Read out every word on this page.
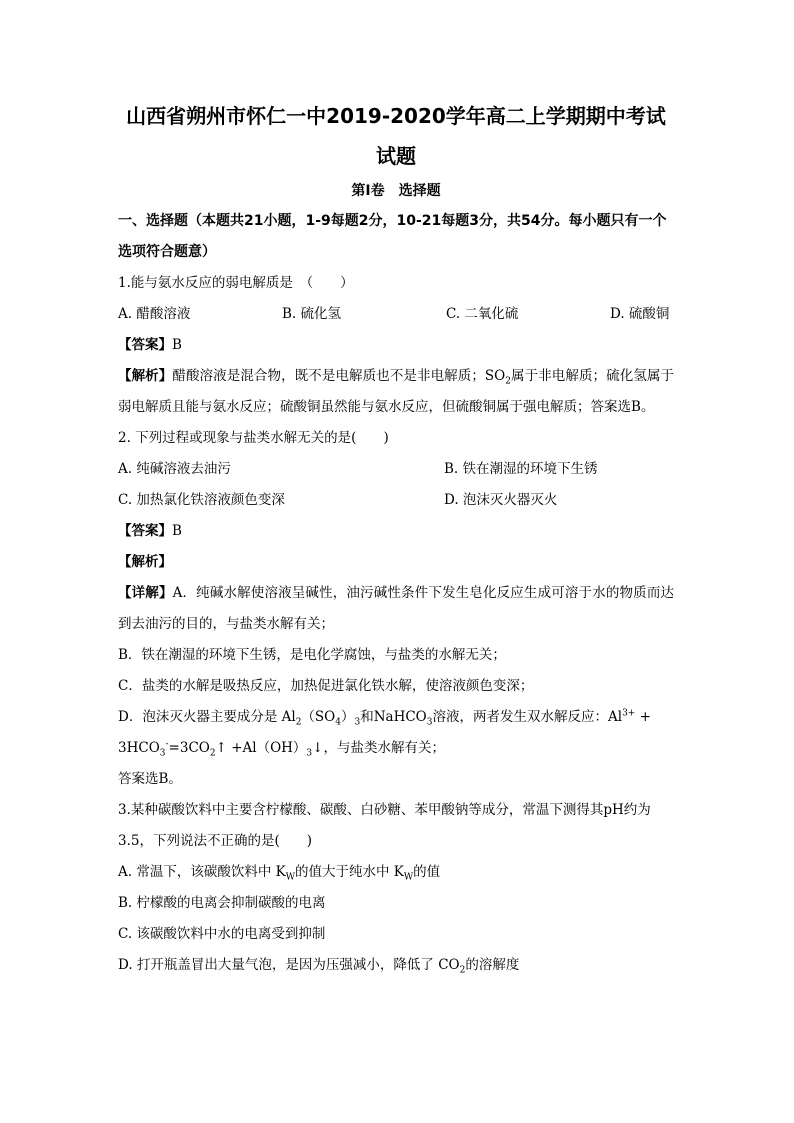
山西省朔州市怀仁一中2019-2020学年高二上学期期中考试

试题

第Ⅰ卷　选择题

一、选择题（本题共21小题，1-9每题2分，10-21每题3分，共54分。每小题只有一个

选项符合题意）

1.能与氨水反应的弱电解质是　（　　）

A. 醋酸溶液	B. 硫化氢	C. 二氧化硫	D. 硫酸铜

【答案】B

【解析】醋酸溶液是混合物，既不是电解质也不是非电解质；$SO_2$属于非电解质；硫化氢属于弱电解质且能与氨水反应；硫酸铜虽然能与氨水反应，但硫酸铜属于强电解质；答案选B。

2. 下列过程或现象与盐类水解无关的是(　　)

A. 纯碱溶液去油污	B. 铁在潮湿的环境下生锈
C. 加热氯化铁溶液颜色变深	D. 泡沫灭火器灭火

【答案】B

【解析】

【详解】A．纯碱水解使溶液呈碱性，油污碱性条件下发生皂化反应生成可溶于水的物质而达到去油污的目的，与盐类水解有关；

B．铁在潮湿的环境下生锈，是电化学腐蚀，与盐类的水解无关；

C．盐类的水解是吸热反应，加热促进氯化铁水解，使溶液颜色变深；

D．泡沫灭火器主要成分是 $Al_2(SO_4)_3$和NaHCO$_3$溶液，两者发生双水解反应：$Al^{3+}$ +

$3HCO_3^-=3CO_2↑$ $+Al(OH)_3↓$，与盐类水解有关；

答案选B。

3.某种碳酸饮料中主要含柠檬酸、碳酸、白砂糖、苯甲酸钠等成分，常温下测得其pH约为

3.5，下列说法不正确的是(　　)

A. 常温下，该碳酸饮料中 $K_W$的值大于纯水中 $K_W$的值

B. 柠檬酸的电离会抑制碳酸的电离

C. 该碳酸饮料中水的电离受到抑制

D. 打开瓶盖冒出大量气泡，是因为压强减小，降低了 $CO_2$的溶解度
